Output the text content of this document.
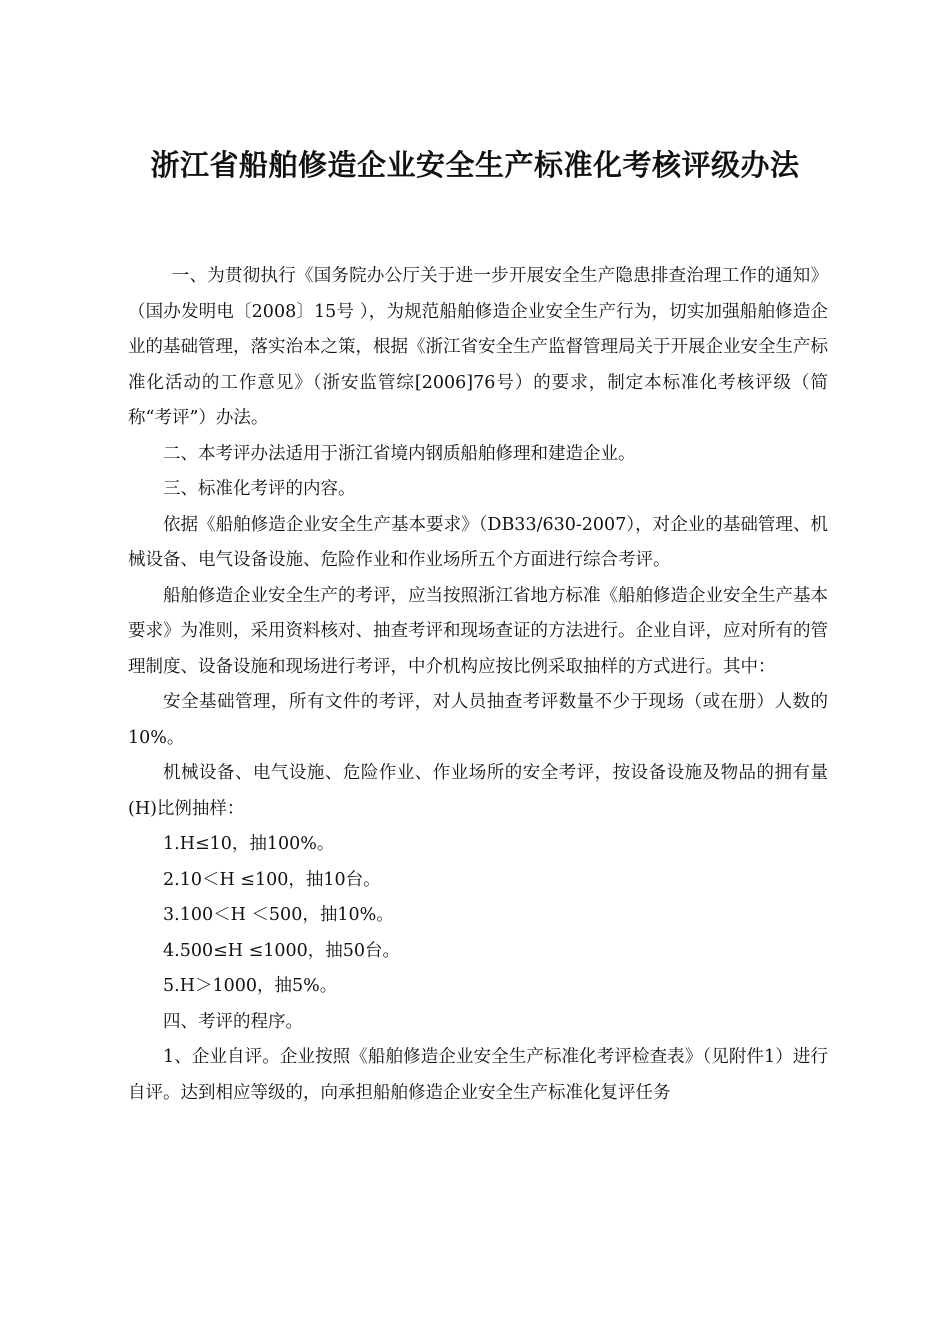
浙江省船舶修造企业安全生产标准化考核评级办法

一、为贯彻执行《国务院办公厅关于进一步开展安全生产隐患排查治理工作的通知》（国办发明电〔2008〕15号 ），为规范船舶修造企业安全生产行为，切实加强船舶修造企业的基础管理，落实治本之策，根据《浙江省安全生产监督管理局关于开展企业安全生产标准化活动的工作意见》（浙安监管综[2006]76号）的要求，制定本标准化考核评级（简称“考评”）办法。

二、本考评办法适用于浙江省境内钢质船舶修理和建造企业。

三、标准化考评的内容。

依据《船舶修造企业安全生产基本要求》（DB33/630-2007），对企业的基础管理、机械设备、电气设备设施、危险作业和作业场所五个方面进行综合考评。

船舶修造企业安全生产的考评，应当按照浙江省地方标准《船舶修造企业安全生产基本要求》为准则，采用资料核对、抽查考评和现场查证的方法进行。企业自评，应对所有的管理制度、设备设施和现场进行考评，中介机构应按比例采取抽样的方式进行。其中：

安全基础管理，所有文件的考评，对人员抽查考评数量不少于现场（或在册）人数的10%。

机械设备、电气设施、危险作业、作业场所的安全考评，按设备设施及物品的拥有量(H)比例抽样：

1.H≤10，抽100%。

2.10＜H ≤100，抽10台。

3.100＜H ＜500，抽10%。

4.500≤H ≤1000，抽50台。

5.H＞1000，抽5%。

四、考评的程序。

1、企业自评。企业按照《船舶修造企业安全生产标准化考评检查表》（见附件1）进行自评。达到相应等级的，向承担船舶修造企业安全生产标准化复评任务
